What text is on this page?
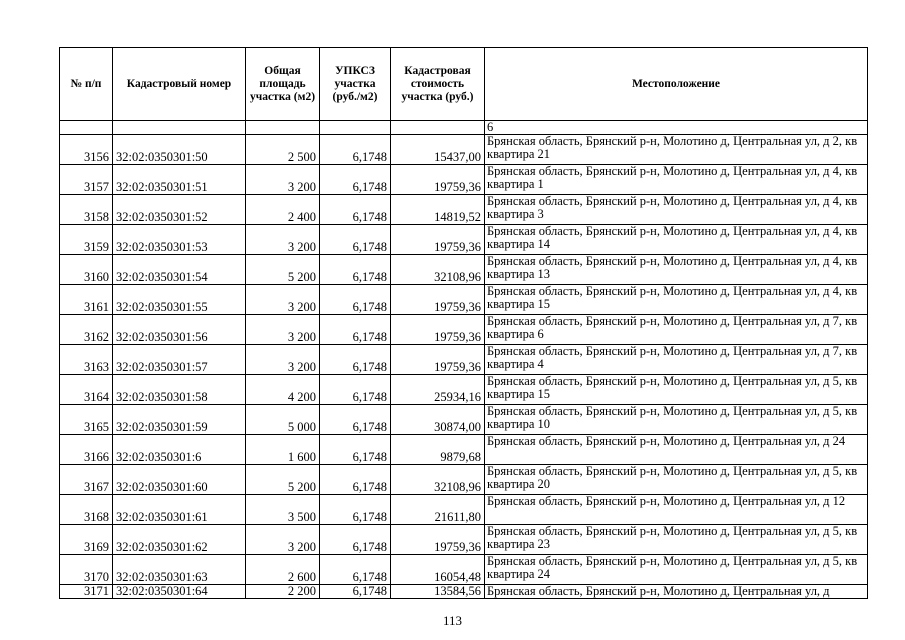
№ п/п	Кадастровый номер	Общая площадь участка (м2)	УПКСЗ участка (руб./м2)	Кадастровая стоимость участка (руб.)	Местоположение
					6
3156	32:02:0350301:50	2 500	6,1748	15437,00	Брянская область, Брянский р-н, Молотино д, Центральная ул, д 2, кв квартира 21
3157	32:02:0350301:51	3 200	6,1748	19759,36	Брянская область, Брянский р-н, Молотино д, Центральная ул, д 4, кв квартира 1
3158	32:02:0350301:52	2 400	6,1748	14819,52	Брянская область, Брянский р-н, Молотино д, Центральная ул, д 4, кв квартира 3
3159	32:02:0350301:53	3 200	6,1748	19759,36	Брянская область, Брянский р-н, Молотино д, Центральная ул, д 4, кв квартира 14
3160	32:02:0350301:54	5 200	6,1748	32108,96	Брянская область, Брянский р-н, Молотино д, Центральная ул, д 4, кв квартира 13
3161	32:02:0350301:55	3 200	6,1748	19759,36	Брянская область, Брянский р-н, Молотино д, Центральная ул, д 4, кв квартира 15
3162	32:02:0350301:56	3 200	6,1748	19759,36	Брянская область, Брянский р-н, Молотино д, Центральная ул, д 7, кв квартира 6
3163	32:02:0350301:57	3 200	6,1748	19759,36	Брянская область, Брянский р-н, Молотино д, Центральная ул, д 7, кв квартира 4
3164	32:02:0350301:58	4 200	6,1748	25934,16	Брянская область, Брянский р-н, Молотино д, Центральная ул, д 5, кв квартира 15
3165	32:02:0350301:59	5 000	6,1748	30874,00	Брянская область, Брянский р-н, Молотино д, Центральная ул, д 5, кв квартира 10
3166	32:02:0350301:6	1 600	6,1748	9879,68	Брянская область, Брянский р-н, Молотино д, Центральная ул, д 24
3167	32:02:0350301:60	5 200	6,1748	32108,96	Брянская область, Брянский р-н, Молотино д, Центральная ул, д 5, кв квартира 20
3168	32:02:0350301:61	3 500	6,1748	21611,80	Брянская область, Брянский р-н, Молотино д, Центральная ул, д 12
3169	32:02:0350301:62	3 200	6,1748	19759,36	Брянская область, Брянский р-н, Молотино д, Центральная ул, д 5, кв квартира 23
3170	32:02:0350301:63	2 600	6,1748	16054,48	Брянская область, Брянский р-н, Молотино д, Центральная ул, д 5, кв квартира 24
3171	32:02:0350301:64	2 200	6,1748	13584,56	Брянская область, Брянский р-н, Молотино д, Центральная ул, д
113
